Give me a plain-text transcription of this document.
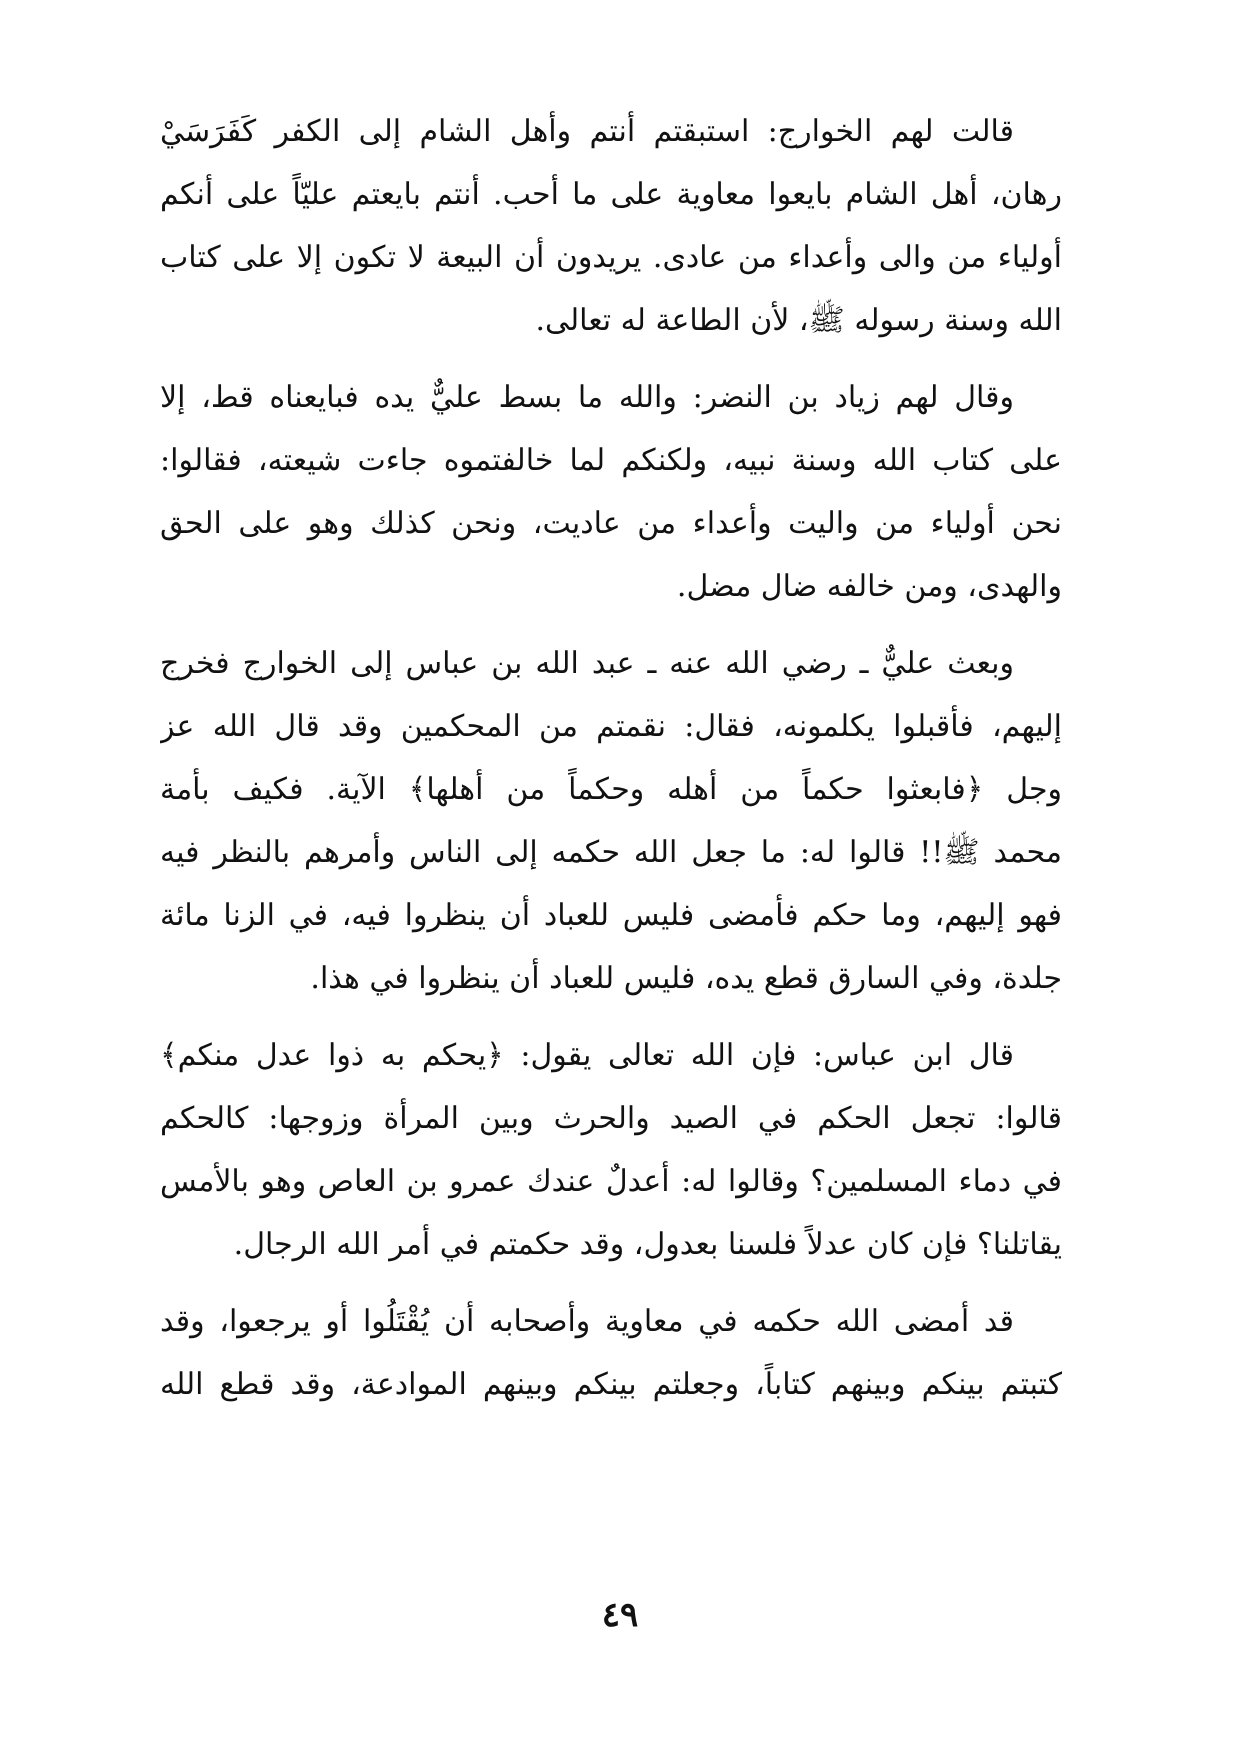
قالت لهم الخوارج: استبقتم أنتم وأهل الشام إلى الكفر كَفَرَسَيْ
رهان، أهل الشام بايعوا معاوية على ما أحب. أنتم بايعتم عليّاً على أنكم
أولياء من والى وأعداء من عادى. يريدون أن البيعة لا تكون إلا على كتاب
الله وسنة رسوله ﷺ، لأن الطاعة له تعالى.
وقال لهم زياد بن النضر: والله ما بسط عليٌّ يده فبايعناه قط، إلا
على كتاب الله وسنة نبيه، ولكنكم لما خالفتموه جاءت شيعته، فقالوا:
نحن أولياء من واليت وأعداء من عاديت، ونحن كذلك وهو على الحق
والهدى، ومن خالفه ضال مضل.
وبعث عليٌّ ـ رضي الله عنه ـ عبد الله بن عباس إلى الخوارج فخرج
إليهم، فأقبلوا يكلمونه، فقال: نقمتم من المحكمين وقد قال الله عز
وجل ﴿فابعثوا حكماً من أهله وحكماً من أهلها﴾ الآية. فكيف بأمة
محمد ﷺ!! قالوا له: ما جعل الله حكمه إلى الناس وأمرهم بالنظر فيه
فهو إليهم، وما حكم فأمضى فليس للعباد أن ينظروا فيه، في الزنا مائة
جلدة، وفي السارق قطع يده، فليس للعباد أن ينظروا في هذا.
قال ابن عباس: فإن الله تعالى يقول: ﴿يحكم به ذوا عدل منكم﴾
قالوا: تجعل الحكم في الصيد والحرث وبين المرأة وزوجها: كالحكم
في دماء المسلمين؟ وقالوا له: أعدلٌ عندك عمرو بن العاص وهو بالأمس
يقاتلنا؟ فإن كان عدلاً فلسنا بعدول، وقد حكمتم في أمر الله الرجال.
قد أمضى الله حكمه في معاوية وأصحابه أن يُقْتَلُوا أو يرجعوا، وقد
كتبتم بينكم وبينهم كتاباً، وجعلتم بينكم وبينهم الموادعة، وقد قطع الله
٤٩
